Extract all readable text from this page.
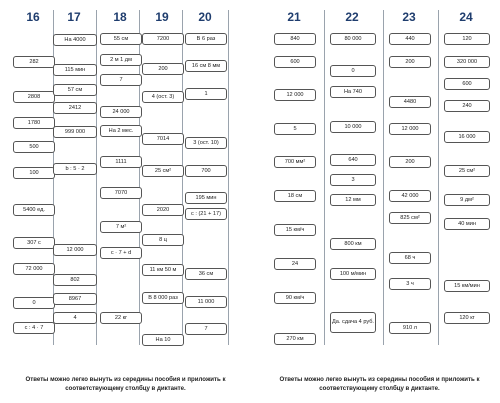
16
282
2808
1780
500
100
5400 ед.
307 с
72 000
0
c : 4 · 7
17
На 4000
115 мин
57 см
2412
999 000
b : 5 · 2
12 000
802
8967
4
18
55 см
2 м 1 дм
7
24 000
На 2 мес.
1111
7070
7 м²
c · 7 + d
22 кг
19
7200
200
4 (ост. 3)
7014
25 см²
2020
8 ц
11 км 50 м
В 8 000 раз
На 10
20
В 6 раз
16 см 8 мм
1
3 (ост. 10)
700
195 мин
c : (21 + 17)
36 см
11 000
7
21
840
600
12 000
5
700 мм²
18 см
15 км/ч
24
90 км/ч
270 км
22
80 000
0
На 740
10 000
640
3
12 мм
800 км
100 м/мин
Да. сдача 4 руб.
23
440
200
4480
12 000
200
42 000
825 см²
68 ч
3 ч
910 л
24
120
320 000
600
240
16 000
25 см²
9 дм²
40 мин
15 км/мин
120 кг
Ответы можно легко вынуть из середины пособия и приложить к соответствующему столбцу в диктанте.
Ответы можно легко вынуть из середины пособия и приложить к соответствующему столбцу в диктанте.
